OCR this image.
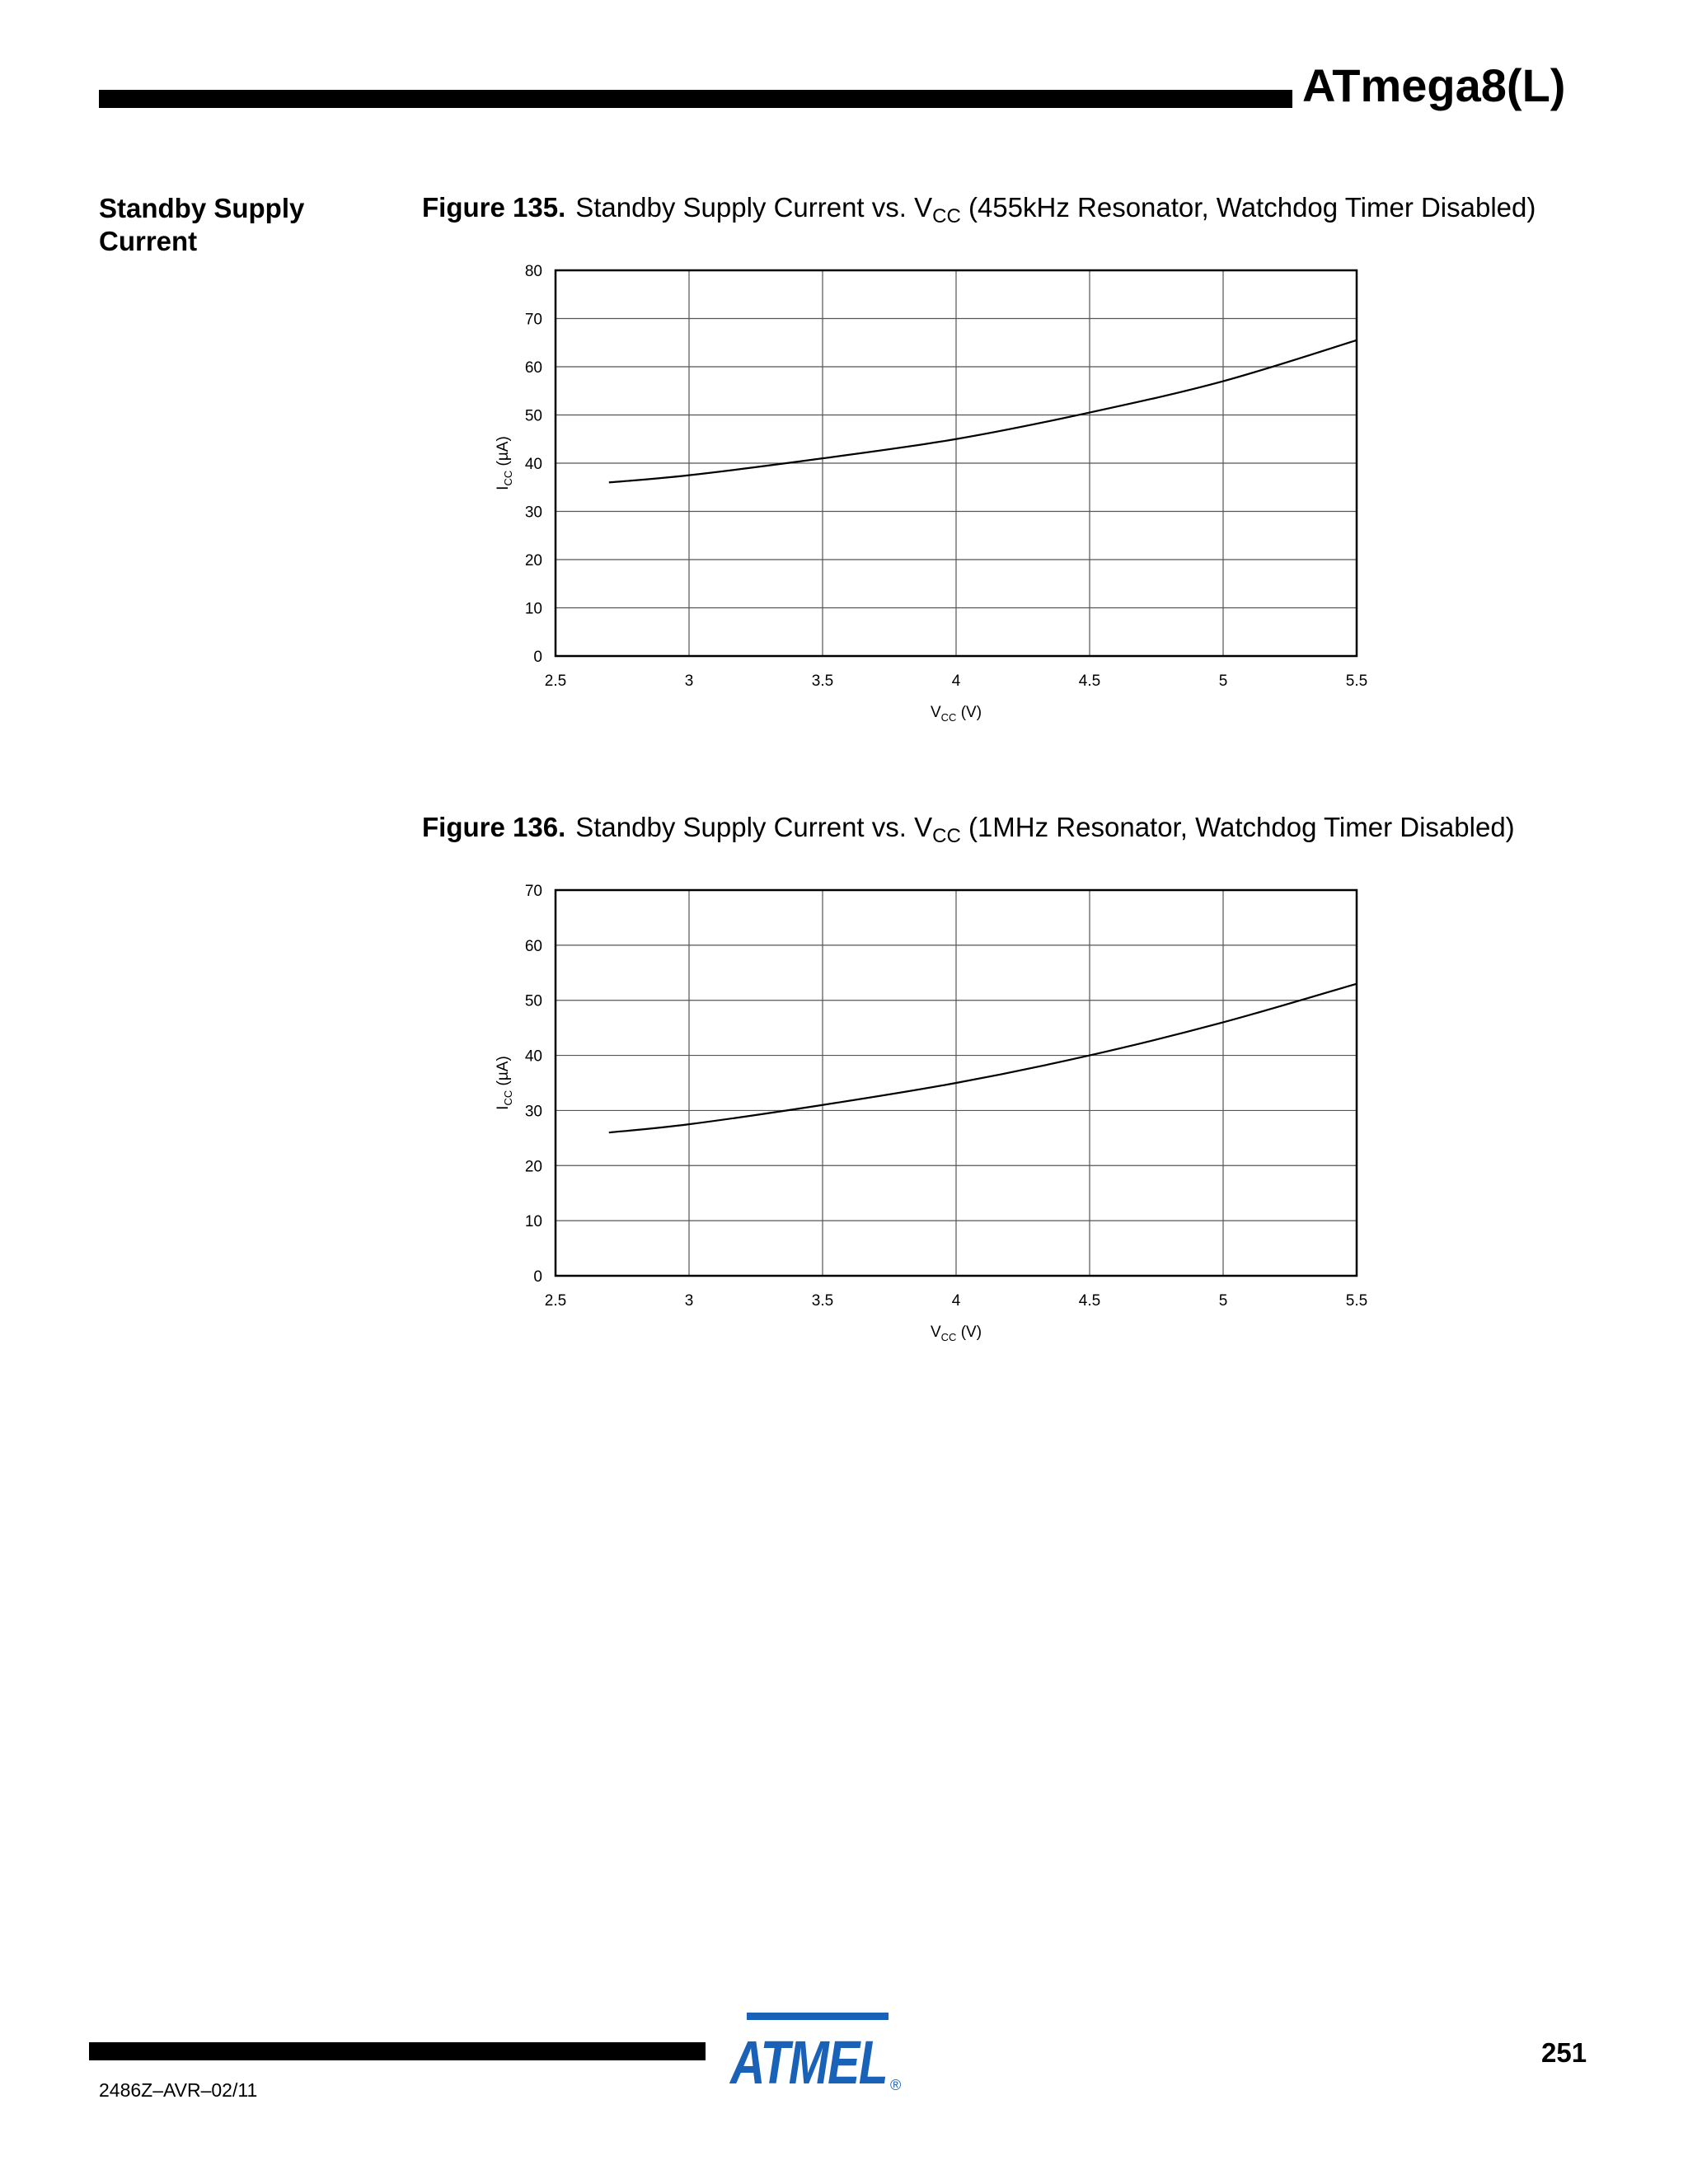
ATmega8(L)
Standby Supply Current
Figure 135. Standby Supply Current vs. $V_{CC}$ (455kHz Resonator, Watchdog Timer Disabled)
2.5	3	3.5	4	4.5	5	5.5
0
10
20
30
40
50
60
70
80
$V_{CC}$ (V)
$I_{CC}$ (µA)
Figure 136. Standby Supply Current vs. $V_{CC}$ (1MHz Resonator, Watchdog Timer Disabled)
2.5	3	3.5	4	4.5	5	5.5
0
10
20
30
40
50
60
70
$V_{CC}$ (V)
$I_{CC}$ (µA)
2486Z–AVR–02/11	ATMEL ®
251
